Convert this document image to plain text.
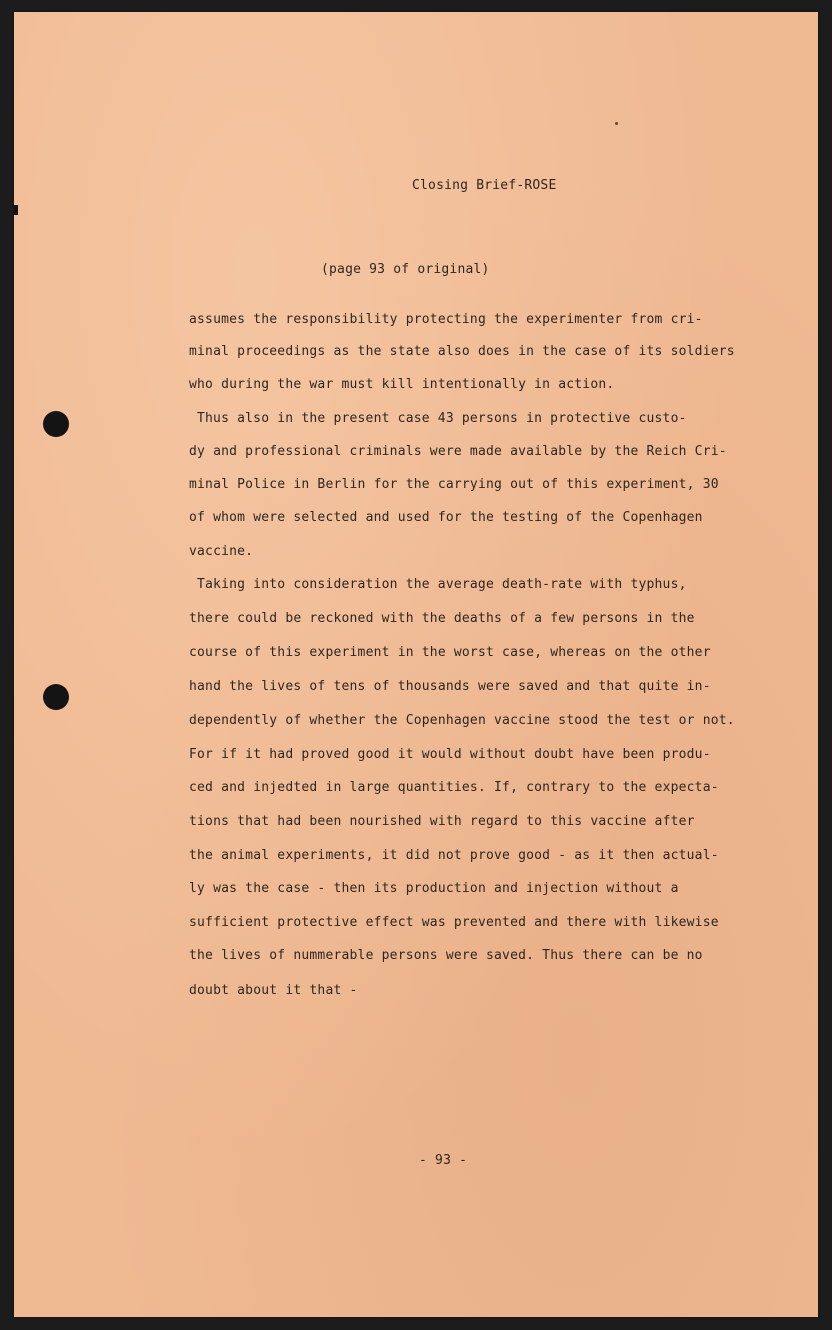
Closing Brief-ROSE
(page 93 of original)
assumes the responsibility protecting the experimenter from cri-
minal proceedings as the state also does in the case of its soldiers
who during the war must kill intentionally in action.
Thus also in the present case 43 persons in protective custo-
dy and professional criminals were made available by the Reich Cri-
minal Police in Berlin for the carrying out of this experiment, 30
of whom were selected and used for the testing of the Copenhagen
vaccine.
Taking into consideration the average death-rate with typhus,
there could be reckoned with the deaths of a few persons in the
course of this experiment in the worst case, whereas on the other
hand the lives of tens of thousands were saved and that quite in-
dependently of whether the Copenhagen vaccine stood the test or not.
For if it had proved good it would without doubt have been produ-
ced and injedted in large quantities. If, contrary to the expecta-
tions that had been nourished with regard to this vaccine after
the animal experiments, it did not prove good - as it then actual-
ly was the case - then its production and injection without a
sufficient protective effect was prevented and there with likewise
the lives of nummerable persons were saved. Thus there can be no
doubt about it that -
- 93 -
